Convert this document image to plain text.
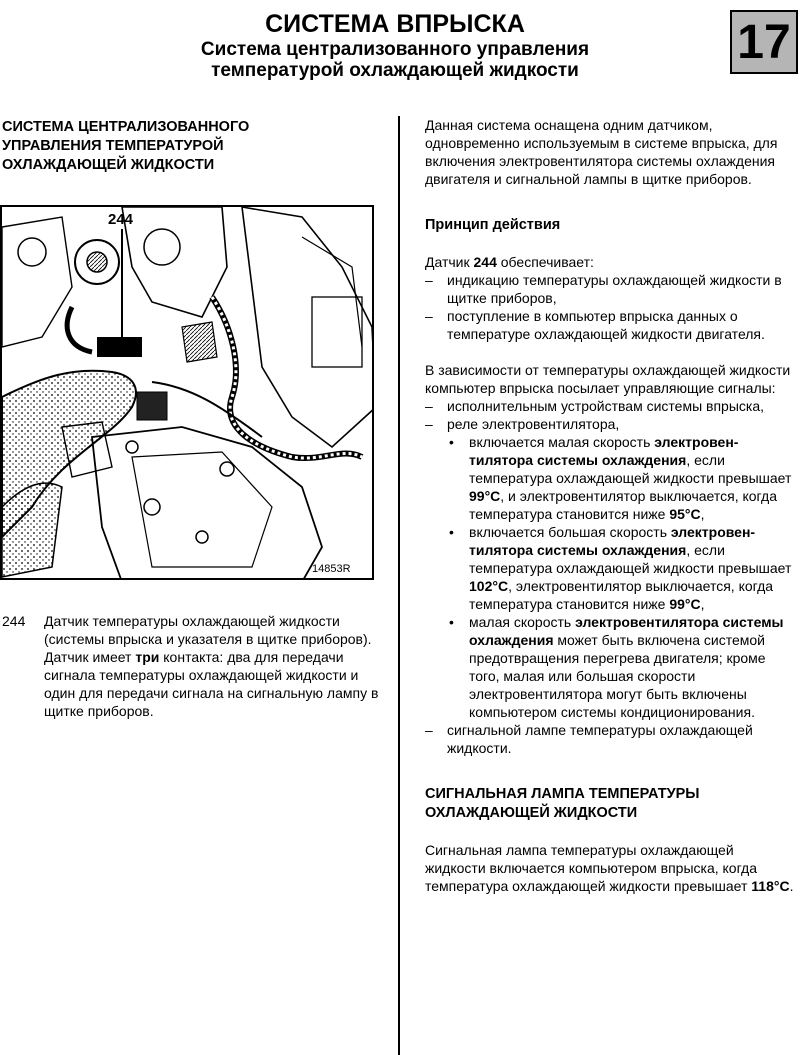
СИСТЕМА ВПРЫСКА
Система централизованного управления
температурой охлаждающей жидкости
17
СИСТЕМА ЦЕНТРАЛИЗОВАННОГО
УПРАВЛЕНИЯ ТЕМПЕРАТУРОЙ
ОХЛАЖДАЮЩЕЙ ЖИДКОСТИ
244
14853R
244 Датчик температуры охлаждающей жидкости (системы впрыска и указателя в щитке приборов).

Датчик имеет три контакта: два для передачи сигнала температуры охлаждающей жидкости и один для передачи сигнала на сигнальную лампу в щитке приборов.

Данная система оснащена одним датчиком, одновременно используемым в системе впрыска, для включения электровентилятора системы охлаждения двигателя и сигнальной лампы в щитке приборов.

Принцип действия

Датчик 244 обеспечивает:

– индикацию температуры охлаждающей жидкости в щитке приборов,
– поступление в компьютер впрыска данных о температуре охлаждающей жидкости двигателя.

В зависимости от температуры охлаждающей жидкости компьютер впрыска посылает управляющие сигналы:

– исполнительным устройствам системы впрыска,
– реле электровентилятора,
• включается малая скорость электровен-тилятора системы охлаждения, если температура охлаждающей жидкости превышает 99°C, и электровентилятор выключается, когда температура становится ниже 95°C,
• включается большая скорость электровен-тилятора системы охлаждения, если температура охлаждающей жидкости превышает 102°C, электровентилятор выключается, когда температура становится ниже 99°C,
• малая скорость электровентилятора системы охлаждения может быть включена системой предотвращения перегрева двигателя; кроме того, малая или большая скорости электровентилятора могут быть включены компьютером системы кондиционирования.
– сигнальной лампе температуры охлаждающей жидкости.
СИГНАЛЬНАЯ ЛАМПА ТЕМПЕРАТУРЫ
ОХЛАЖДАЮЩЕЙ ЖИДКОСТИ

Сигнальная лампа температуры охлаждающей жидкости включается компьютером впрыска, когда температура охлаждающей жидкости превышает 118°C.
